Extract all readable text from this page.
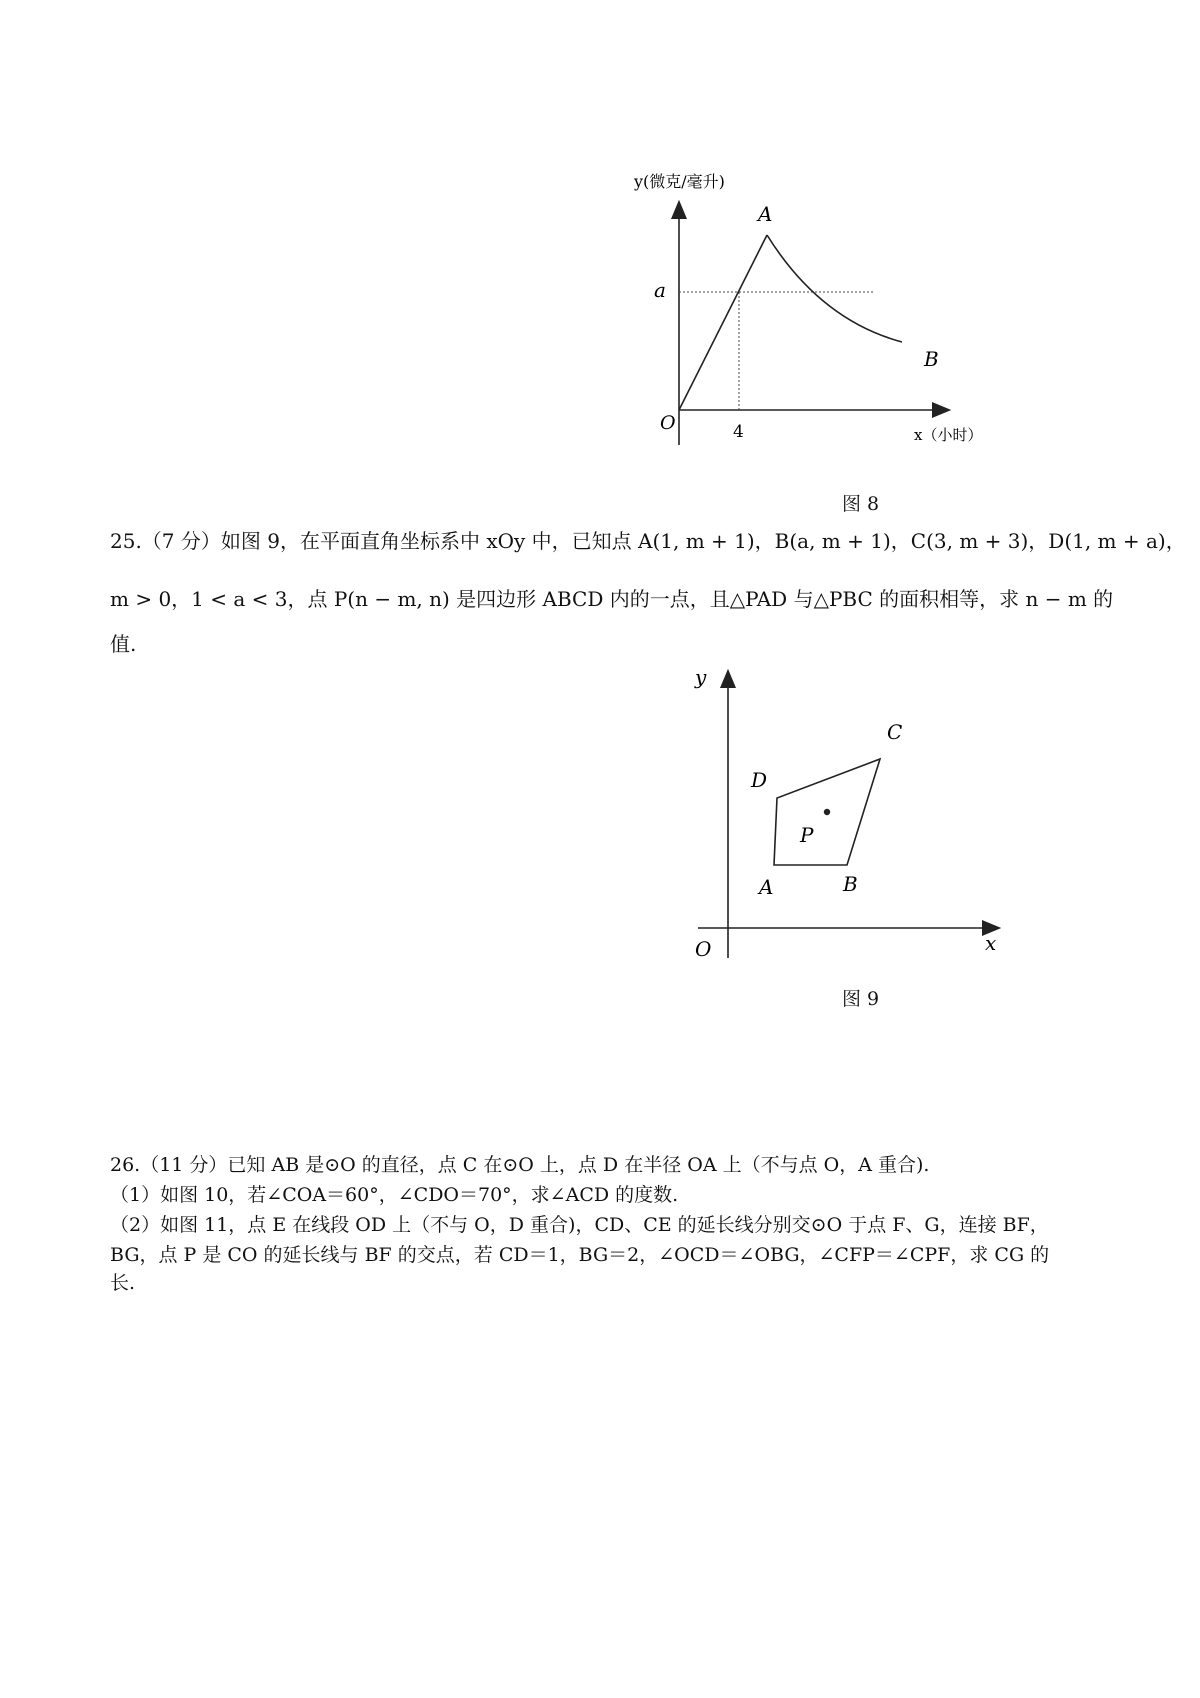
y(微克/毫升)
x（小时）
O
A
B
a
4
图 8
25.（7 分）如图 9，在平面直角坐标系中 xOy 中，已知点 A(1, m + 1)，B(a, m + 1)，C(3, m + 3)，D(1, m + a)，
m > 0，1 < a < 3，点 P(n − m, n) 是四边形 ABCD 内的一点，且△PAD 与△PBC 的面积相等，求 n − m 的
值.
y
x
O
A	B
C
D
P
图 9
26.（11 分）已知 AB 是⊙O 的直径，点 C 在⊙O 上，点 D 在半径 OA 上（不与点 O，A 重合).
（1）如图 10，若∠COA＝60°，∠CDO＝70°，求∠ACD 的度数.
（2）如图 11，点 E 在线段 OD 上（不与 O，D 重合)，CD、CE 的延长线分别交⊙O 于点 F、G，连接 BF，
BG，点 P 是 CO 的延长线与 BF 的交点，若 CD＝1，BG＝2，∠OCD＝∠OBG，∠CFP＝∠CPF，求 CG 的
长.
